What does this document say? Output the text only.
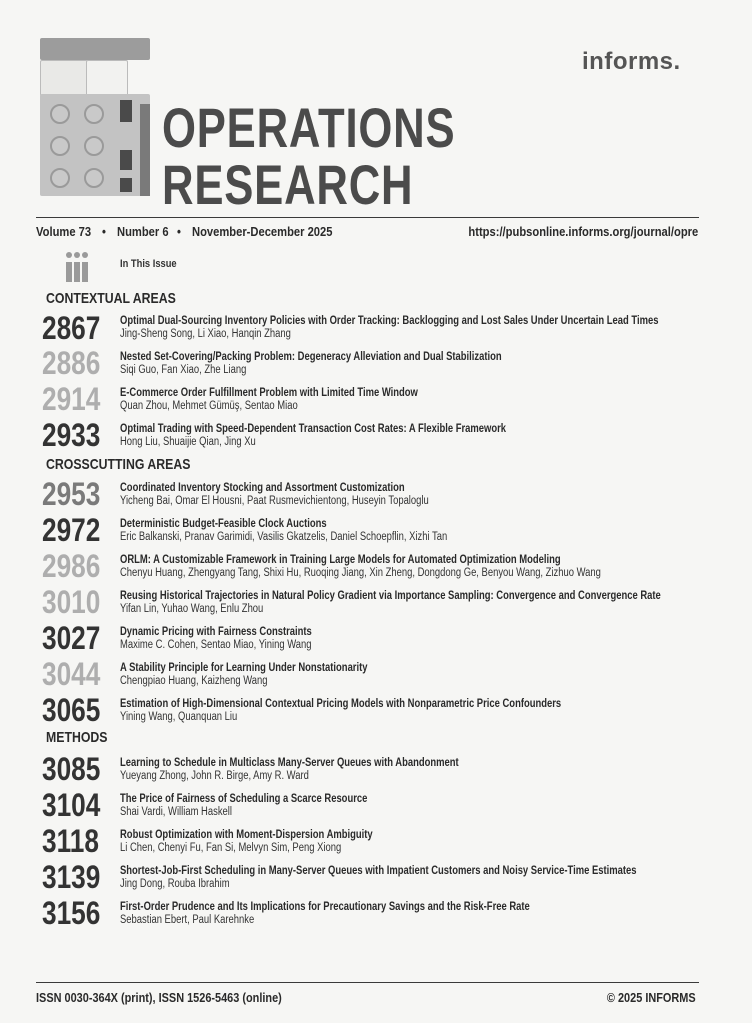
OPERATIONS
RESEARCH
informs.
Volume 73 • Number 6 • November-December 2025	https://pubsonline.informs.org/journal/opre
In This Issue
CONTEXTUAL AREAS
2867 Optimal Dual-Sourcing Inventory Policies with Order Tracking: Backlogging and Lost Sales Under Uncertain Lead Times
Jing-Sheng Song, Li Xiao, Hanqin Zhang
2886 Nested Set-Covering/Packing Problem: Degeneracy Alleviation and Dual Stabilization
Siqi Guo, Fan Xiao, Zhe Liang
2914 E-Commerce Order Fulfillment Problem with Limited Time Window
Quan Zhou, Mehmet Gümüş, Sentao Miao
2933 Optimal Trading with Speed-Dependent Transaction Cost Rates: A Flexible Framework
Hong Liu, Shuaijie Qian, Jing Xu
CROSSCUTTING AREAS
2953 Coordinated Inventory Stocking and Assortment Customization
Yicheng Bai, Omar El Housni, Paat Rusmevichientong, Huseyin Topaloglu
2972 Deterministic Budget-Feasible Clock Auctions
Eric Balkanski, Pranav Garimidi, Vasilis Gkatzelis, Daniel Schoepflin, Xizhi Tan
2986 ORLM: A Customizable Framework in Training Large Models for Automated Optimization Modeling
Chenyu Huang, Zhengyang Tang, Shixi Hu, Ruoqing Jiang, Xin Zheng, Dongdong Ge, Benyou Wang, Zizhuo Wang
3010 Reusing Historical Trajectories in Natural Policy Gradient via Importance Sampling: Convergence and Convergence Rate
Yifan Lin, Yuhao Wang, Enlu Zhou
3027 Dynamic Pricing with Fairness Constraints
Maxime C. Cohen, Sentao Miao, Yining Wang
3044 A Stability Principle for Learning Under Nonstationarity
Chengpiao Huang, Kaizheng Wang
3065 Estimation of High-Dimensional Contextual Pricing Models with Nonparametric Price Confounders
Yining Wang, Quanquan Liu
METHODS
3085 Learning to Schedule in Multiclass Many-Server Queues with Abandonment
Yueyang Zhong, John R. Birge, Amy R. Ward
3104 The Price of Fairness of Scheduling a Scarce Resource
Shai Vardi, William Haskell
3118 Robust Optimization with Moment-Dispersion Ambiguity
Li Chen, Chenyi Fu, Fan Si, Melvyn Sim, Peng Xiong
3139 Shortest-Job-First Scheduling in Many-Server Queues with Impatient Customers and Noisy Service-Time Estimates
Jing Dong, Rouba Ibrahim
3156 First-Order Prudence and Its Implications for Precautionary Savings and the Risk-Free Rate
Sebastian Ebert, Paul Karehnke
ISSN 0030-364X (print), ISSN 1526-5463 (online)	© 2025 INFORMS
